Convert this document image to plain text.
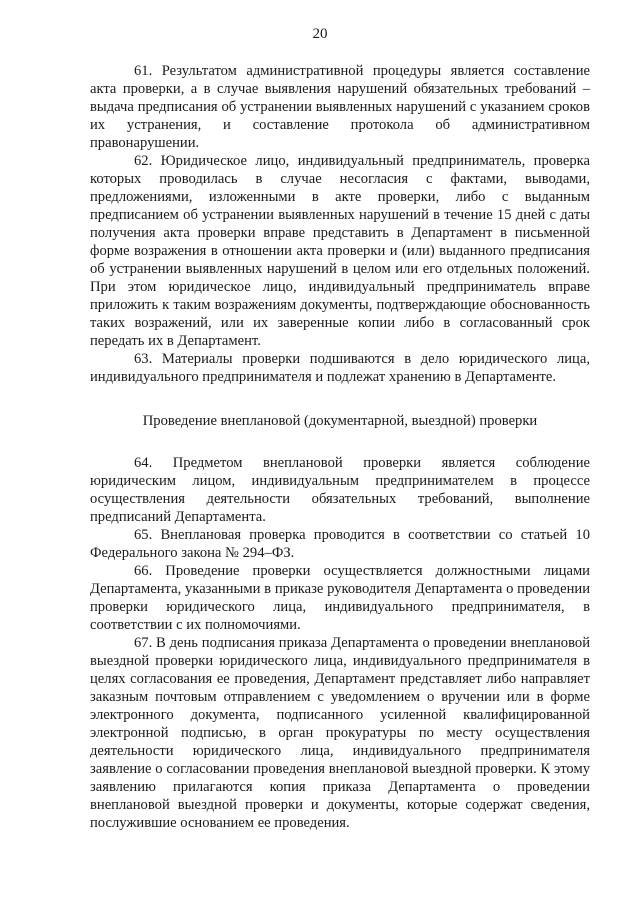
20

61. Результатом административной процедуры является составление акта проверки, а в случае выявления нарушений обязательных требований – выдача предписания об устранении выявленных нарушений с указанием сроков их устранения, и составление протокола об административном правонарушении.

62. Юридическое лицо, индивидуальный предприниматель, проверка которых проводилась в случае несогласия с фактами, выводами, предложениями, изложенными в акте проверки, либо с выданным предписанием об устранении выявленных нарушений в течение 15 дней с даты получения акта проверки вправе представить в Департамент в письменной форме возражения в отношении акта проверки и (или) выданного предписания об устранении выявленных нарушений в целом или его отдельных положений. При этом юридическое лицо, индивидуальный предприниматель вправе приложить к таким возражениям документы, подтверждающие обоснованность таких возражений, или их заверенные копии либо в согласованный срок передать их в Департамент.

63. Материалы проверки подшиваются в дело юридического лица, индивидуального предпринимателя и подлежат хранению в Департаменте.

Проведение внеплановой (документарной, выездной) проверки

64. Предметом внеплановой проверки является соблюдение юридическим лицом, индивидуальным предпринимателем в процессе осуществления деятельности обязательных требований, выполнение предписаний Департамента.

65. Внеплановая проверка проводится в соответствии со статьей 10 Федерального закона № 294–ФЗ.

66. Проведение проверки осуществляется должностными лицами Департамента, указанными в приказе руководителя Департамента о проведении проверки юридического лица, индивидуального предпринимателя, в соответствии с их полномочиями.

67. В день подписания приказа Департамента о проведении внеплановой выездной проверки юридического лица, индивидуального предпринимателя в целях согласования ее проведения, Департамент представляет либо направляет заказным почтовым отправлением с уведомлением о вручении или в форме электронного документа, подписанного усиленной квалифицированной электронной подписью, в орган прокуратуры по месту осуществления деятельности юридического лица, индивидуального предпринимателя заявление о согласовании проведения внеплановой выездной проверки. К этому заявлению прилагаются копия приказа Департамента о проведении внеплановой выездной проверки и документы, которые содержат сведения, послужившие основанием ее проведения.
